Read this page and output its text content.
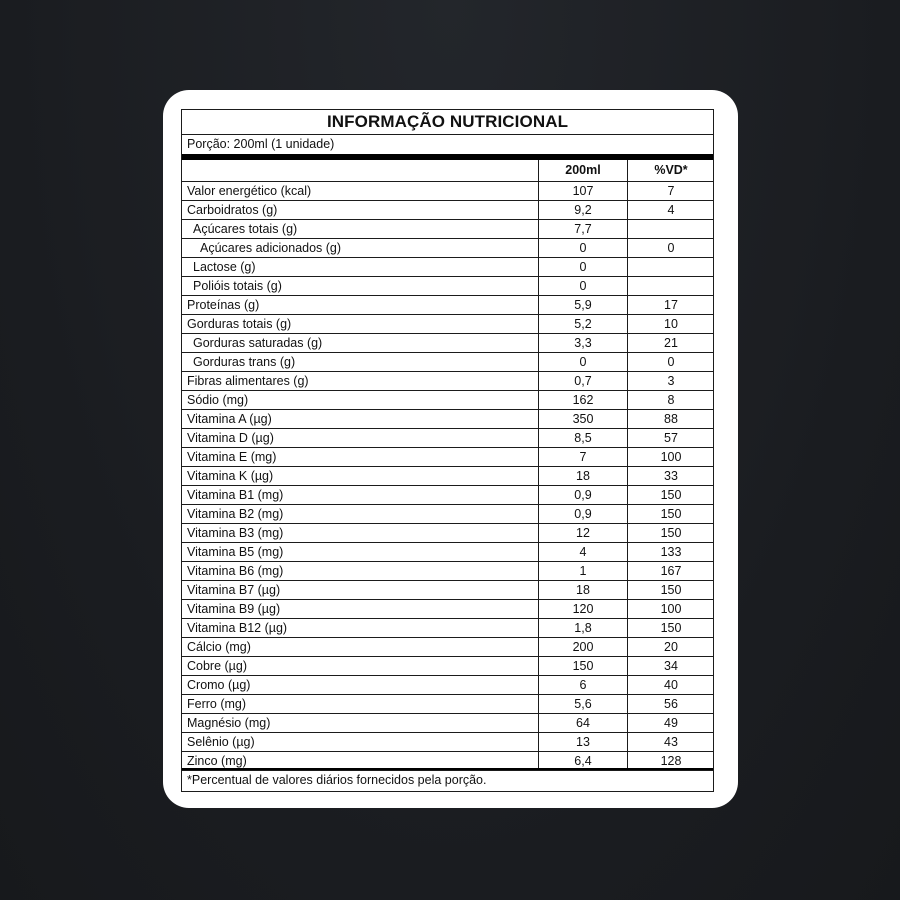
INFORMAÇÃO NUTRICIONAL
Porção: 200ml (1 unidade)
200ml	%VD*
Valor energético (kcal)	107	7
Carboidratos (g)	9,2	4
Açúcares totais (g)	7,7
Açúcares adicionados (g)	0	0
Lactose (g)	0
Polióis totais (g)	0
Proteínas (g)	5,9	17
Gorduras totais (g)	5,2	10
Gorduras saturadas (g)	3,3	21
Gorduras trans (g)	0	0
Fibras alimentares (g)	0,7	3
Sódio (mg)	162	8
Vitamina A (µg)	350	88
Vitamina D (µg)	8,5	57
Vitamina E (mg)	7	100
Vitamina K (µg)	18	33
Vitamina B1 (mg)	0,9	150
Vitamina B2 (mg)	0,9	150
Vitamina B3 (mg)	12	150
Vitamina B5 (mg)	4	133
Vitamina B6 (mg)	1	167
Vitamina B7 (µg)	18	150
Vitamina B9 (µg)	120	100
Vitamina B12 (µg)	1,8	150
Cálcio (mg)	200	20
Cobre (µg)	150	34
Cromo (µg)	6	40
Ferro (mg)	5,6	56
Magnésio (mg)	64	49
Selênio (µg)	13	43
Zinco (mg)	6,4	128
*Percentual de valores diários fornecidos pela porção.
